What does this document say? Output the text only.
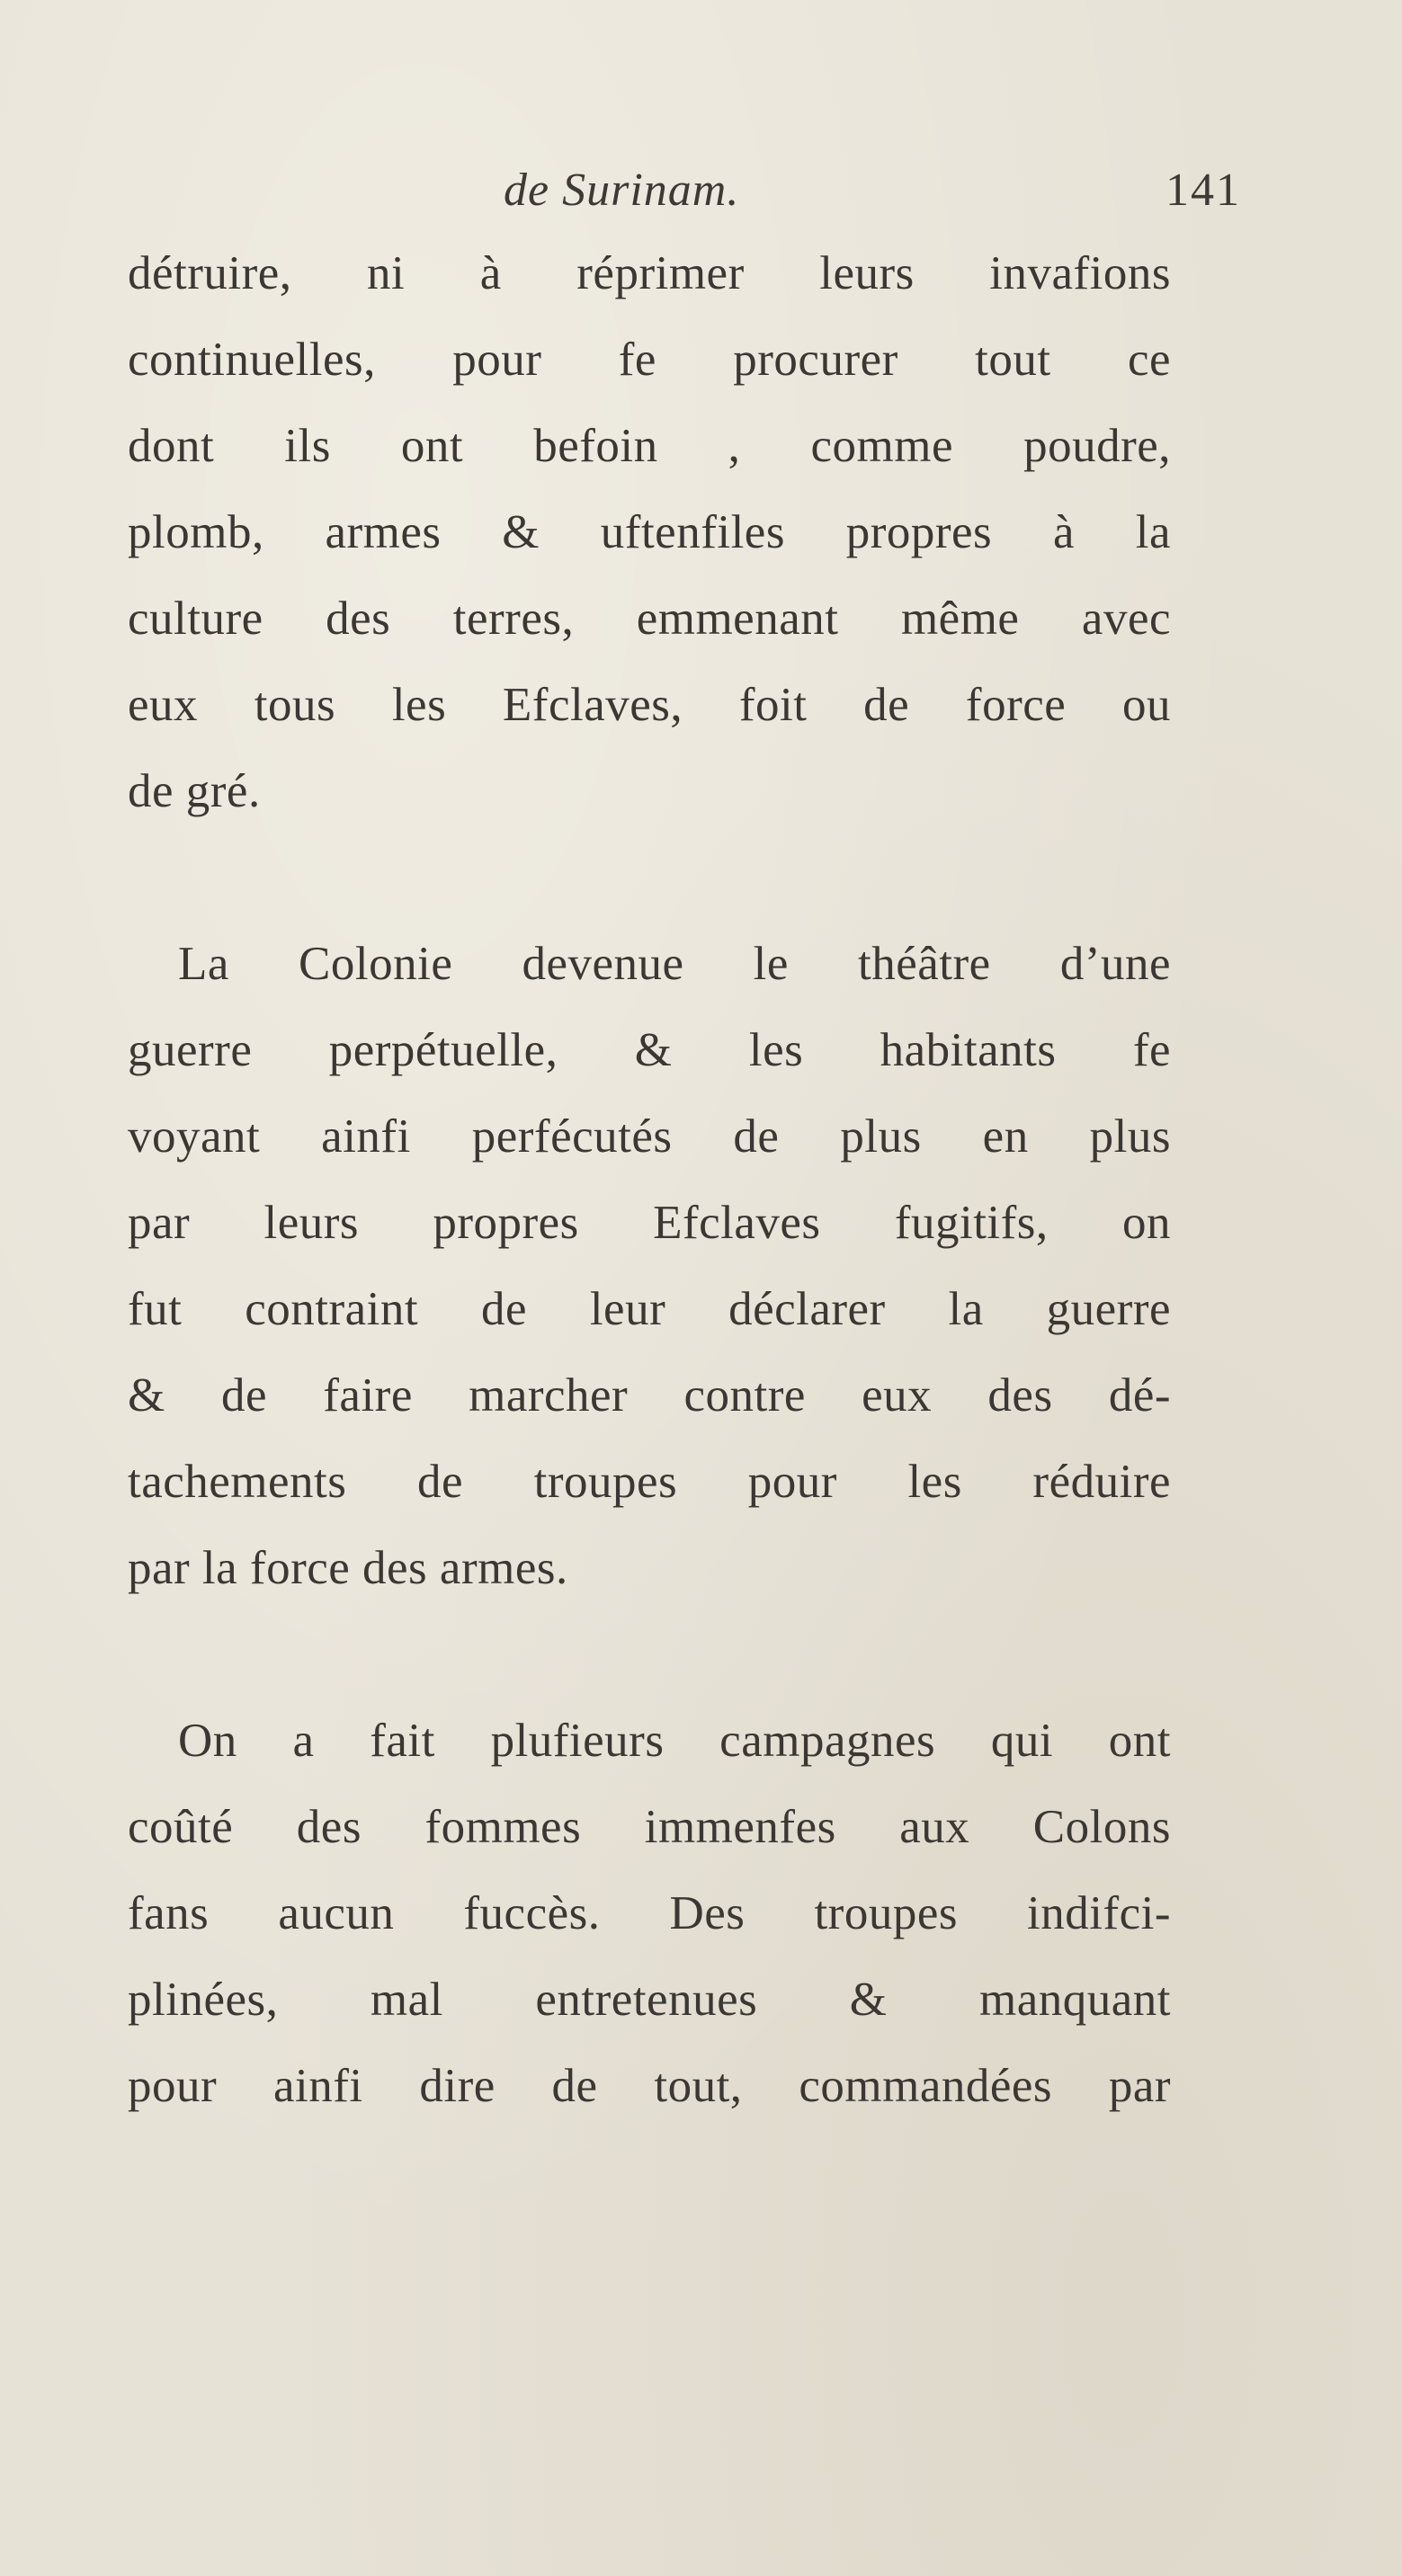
de Surinam.	141
détruire, ni à réprimer leurs invafions
continuelles, pour fe procurer tout ce
dont ils ont befoin , comme poudre,
plomb, armes & uftenfiles propres à la
culture des terres, emmenant même avec
eux tous les Efclaves, foit de force ou
de gré.
La Colonie devenue le théâtre d’une
guerre perpétuelle, & les habitants fe
voyant ainfi perfécutés de plus en plus
par leurs propres Efclaves fugitifs, on
fut contraint de leur déclarer la guerre
& de faire marcher contre eux des dé-
tachements de troupes pour les réduire
par la force des armes.
On a fait plufieurs campagnes qui ont
coûté des fommes immenfes aux Colons
fans aucun fuccès. Des troupes indifci-
plinées, mal entretenues & manquant
pour ainfi dire de tout, commandées par
